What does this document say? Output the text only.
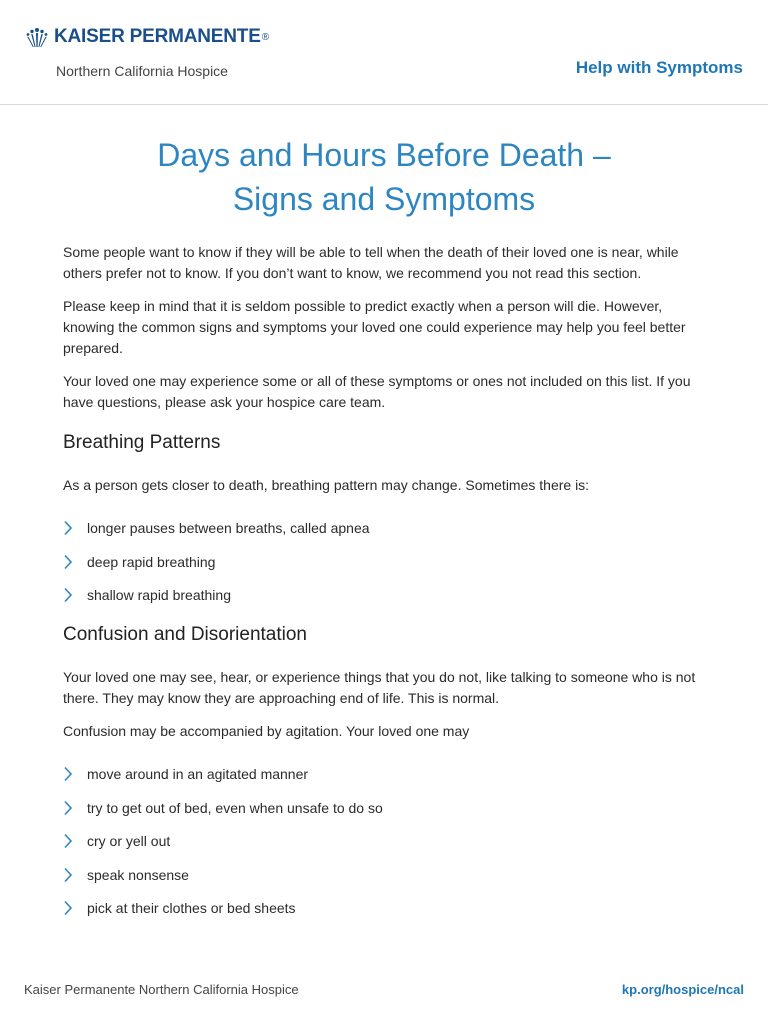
KAISER PERMANENTE ®
Northern California Hospice	Help with Symptoms
Days and Hours Before Death –
Signs and Symptoms

Some people want to know if they will be able to tell when the death of their loved one is near, while others prefer not to know. If you don’t want to know, we recommend you not read this section.

Please keep in mind that it is seldom possible to predict exactly when a person will die. However, knowing the common signs and symptoms your loved one could experience may help you feel better prepared.

Your loved one may experience some or all of these symptoms or ones not included on this list. If you have questions, please ask your hospice care team.

Breathing Patterns

As a person gets closer to death, breathing pattern may change. Sometimes there is:

longer pauses between breaths, called apnea
deep rapid breathing
shallow rapid breathing
Confusion and Disorientation

Your loved one may see, hear, or experience things that you do not, like talking to someone who is not there. They may know they are approaching end of life. This is normal.

Confusion may be accompanied by agitation. Your loved one may

move around in an agitated manner
try to get out of bed, even when unsafe to do so
cry or yell out
speak nonsense
pick at their clothes or bed sheets
Kaiser Permanente Northern California Hospice	kp.org/hospice/ncal
